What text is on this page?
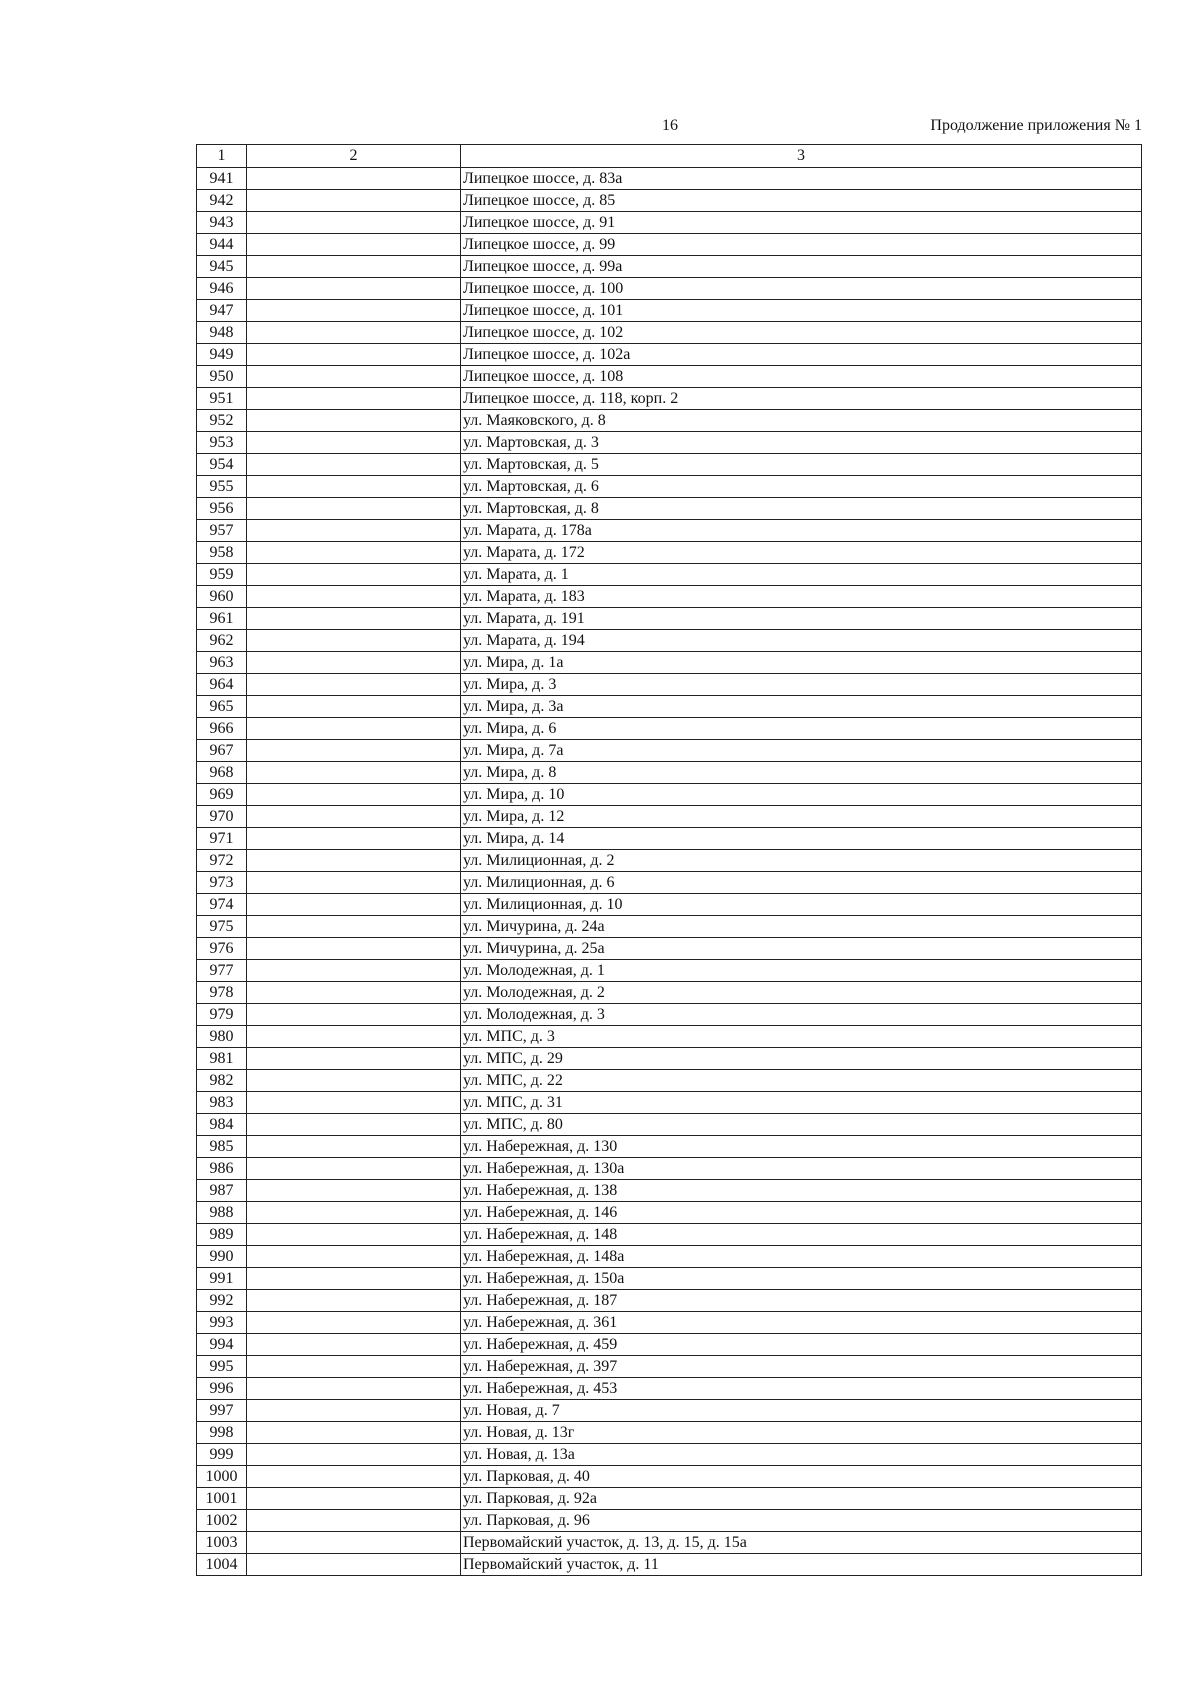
16	Продолжение приложения № 1
1	2	3
941		Липецкое шоссе, д. 83а
942		Липецкое шоссе, д. 85
943		Липецкое шоссе, д. 91
944		Липецкое шоссе, д. 99
945		Липецкое шоссе, д. 99а
946		Липецкое шоссе, д. 100
947		Липецкое шоссе, д. 101
948		Липецкое шоссе, д. 102
949		Липецкое шоссе, д. 102а
950		Липецкое шоссе, д. 108
951		Липецкое шоссе, д. 118, корп. 2
952		ул. Маяковского, д. 8
953		ул. Мартовская, д. 3
954		ул. Мартовская, д. 5
955		ул. Мартовская, д. 6
956		ул. Мартовская, д. 8
957		ул. Марата, д. 178а
958		ул. Марата, д. 172
959		ул. Марата, д. 1
960		ул. Марата, д. 183
961		ул. Марата, д. 191
962		ул. Марата, д. 194
963		ул. Мира, д. 1а
964		ул. Мира, д. 3
965		ул. Мира, д. 3а
966		ул. Мира, д. 6
967		ул. Мира, д. 7а
968		ул. Мира, д. 8
969		ул. Мира, д. 10
970		ул. Мира, д. 12
971		ул. Мира, д. 14
972		ул. Милиционная, д. 2
973		ул. Милиционная, д. 6
974		ул. Милиционная, д. 10
975		ул. Мичурина, д. 24а
976		ул. Мичурина, д. 25а
977		ул. Молодежная, д. 1
978		ул. Молодежная, д. 2
979		ул. Молодежная, д. 3
980		ул. МПС, д. 3
981		ул. МПС, д. 29
982		ул. МПС, д. 22
983		ул. МПС, д. 31
984		ул. МПС, д. 80
985		ул. Набережная, д. 130
986		ул. Набережная, д. 130а
987		ул. Набережная, д. 138
988		ул. Набережная, д. 146
989		ул. Набережная, д. 148
990		ул. Набережная, д. 148а
991		ул. Набережная, д. 150а
992		ул. Набережная, д. 187
993		ул. Набережная, д. 361
994		ул. Набережная, д. 459
995		ул. Набережная, д. 397
996		ул. Набережная, д. 453
997		ул. Новая, д. 7
998		ул. Новая, д. 13г
999		ул. Новая, д. 13а
1000		ул. Парковая, д. 40
1001		ул. Парковая, д. 92а
1002		ул. Парковая, д. 96
1003		Первомайский участок, д. 13, д. 15, д. 15а
1004		Первомайский участок, д. 11
